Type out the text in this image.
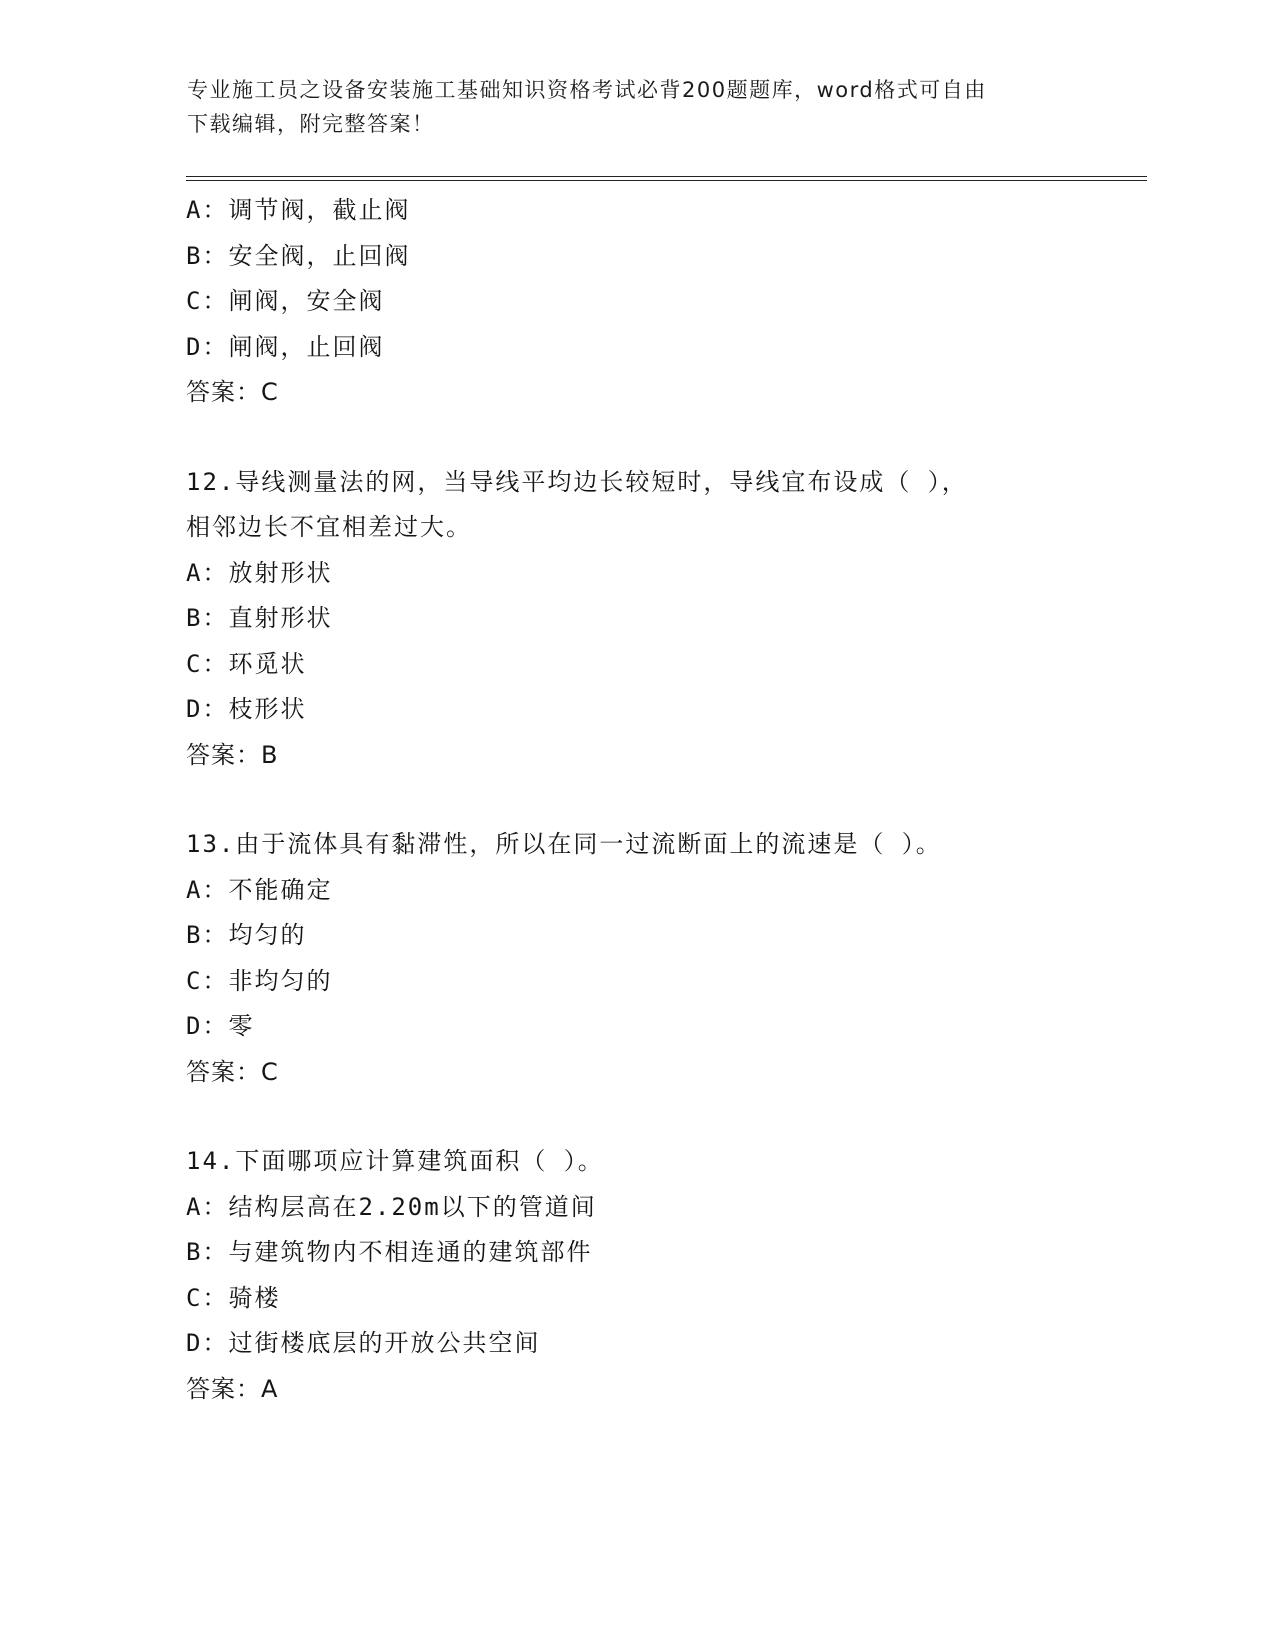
专业施工员之设备安装施工基础知识资格考试必背200题题库，word格式可自由
下载编辑，附完整答案！
A：调节阀，截止阀
B：安全阀，止回阀
C：闸阀，安全阀
D：闸阀，止回阀
答案：C
12.导线测量法的网，当导线平均边长较短时，导线宜布设成（ ），
相邻边长不宜相差过大。
A：放射形状
B：直射形状
C：环觅状
D：枝形状
答案：B
13.由于流体具有黏滞性，所以在同一过流断面上的流速是（ ）。
A：不能确定
B：均匀的
C：非均匀的
D：零
答案：C
14.下面哪项应计算建筑面积（ ）。
A：结构层高在2.20m以下的管道间
B：与建筑物内不相连通的建筑部件
C：骑楼
D：过街楼底层的开放公共空间
答案：A
